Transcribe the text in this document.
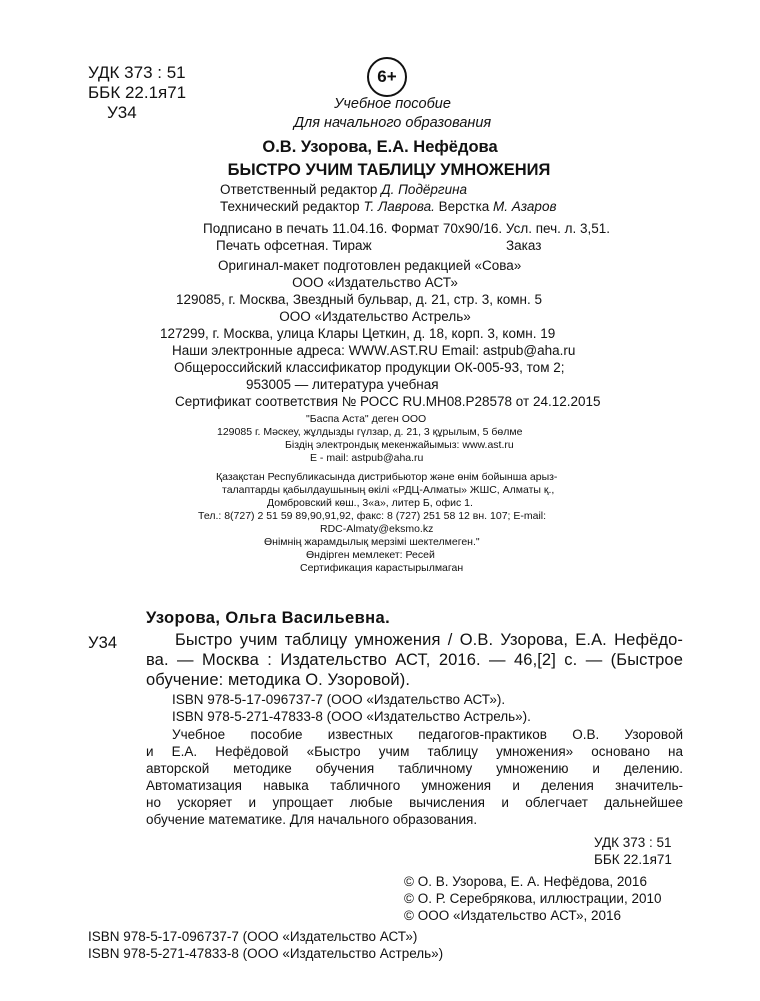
УДК 373 : 51
ББК 22.1я71
У34
6+
Учебное пособие
Для начального образования
О.В. Узорова, Е.А. Нефёдова
БЫСТРО УЧИМ ТАБЛИЦУ УМНОЖЕНИЯ
Ответственный редактор Д. Подёргина
Технический редактор Т. Лаврова. Верстка М. Азаров
Подписано в печать 11.04.16. Формат 70x90/16. Усл. печ. л. 3,51.
Печать офсетная. Тираж	Заказ
Оригинал-макет подготовлен редакцией «Сова»
ООО «Издательство АСТ»
129085, г. Москва, Звездный бульвар, д. 21, стр. 3, комн. 5
ООО «Издательство Астрель»
127299, г. Москва, улица Клары Цеткин, д. 18, корп. 3, комн. 19
Наши электронные адреса: WWW.AST.RU Email: astpub@aha.ru
Общероссийский классификатор продукции ОК-005-93, том 2;
953005 — литература учебная
Сертификат соответствия № РОСС RU.МН08.Р28578 от 24.12.2015
"Баспа Аста" деген ООО
129085 г. Мәскеу, жұлдызды гүлзар, д. 21, 3 құрылым, 5 бөлме
Біздің электрондық мекенжайымыз: www.ast.ru
E - mail: astpub@aha.ru
Қазақстан Республикасында дистрибьютор және өнім бойынша арыз-
талаптарды қабылдаушының өкілі «РДЦ-Алматы» ЖШС, Алматы қ.,
Домбровский көш., 3«а», литер Б, офис 1.
Тел.: 8(727) 2 51 59 89,90,91,92, факс: 8 (727) 251 58 12 вн. 107; E-mail:
RDC-Almaty@eksmo.kz
Өнімнің жарамдылық мерзімі шектелмеген."
Өндірген мемлекет: Ресей
Сертификация карастырылмаган
Узорова, Ольга Васильевна.
У34	Быстро учим таблицу умножения / О.В. Узорова, Е.А. Нефёдо-
ва. — Москва : Издательство АСТ, 2016. — 46,[2] с. — (Быстрое
обучение: методика О. Узоровой).
ISBN 978-5-17-096737-7 (ООО «Издательство АСТ»).
ISBN 978-5-271-47833-8 (ООО «Издательство Астрель»).
Учебное пособие известных педагогов-практиков О.В. Узоровой
и Е.А. Нефёдовой «Быстро учим таблицу умножения» основано на
авторской методике обучения табличному умножению и делению.
Автоматизация навыка табличного умножения и деления значитель-
но ускоряет и упрощает любые вычисления и облегчает дальнейшее
обучение математике. Для начального образования.
УДК 373 : 51
ББК 22.1я71
© О. В. Узорова, Е. А. Нефёдова, 2016
© О. Р. Серебрякова, иллюстрации, 2010
© ООО «Издательство АСТ», 2016
ISBN 978-5-17-096737-7 (ООО «Издательство АСТ»)
ISBN 978-5-271-47833-8 (ООО «Издательство Астрель»)
